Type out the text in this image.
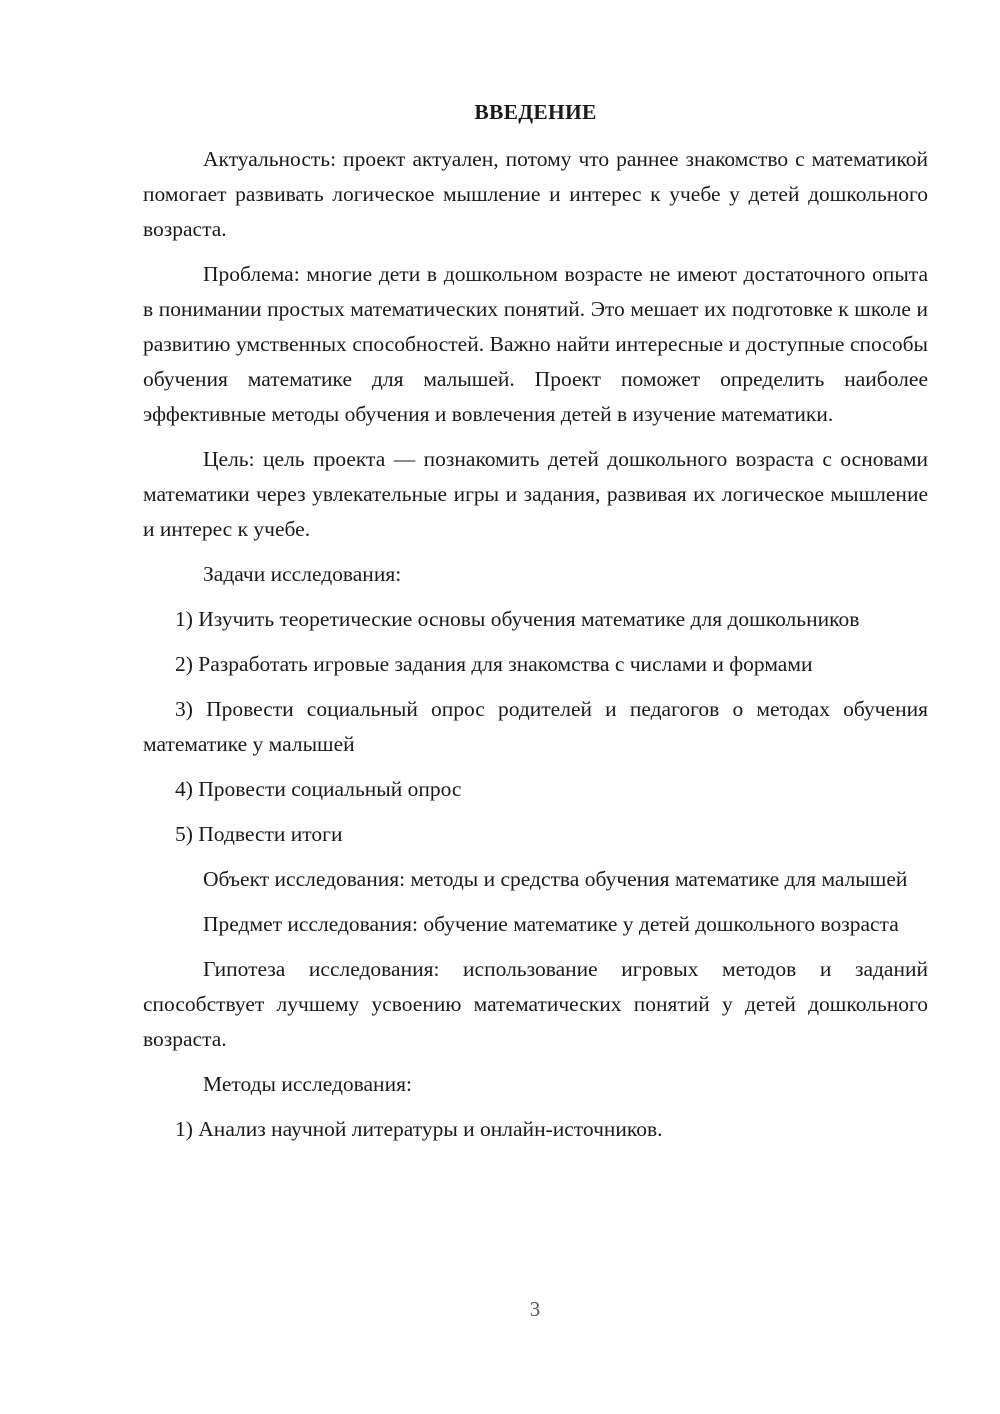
ВВЕДЕНИЕ

Актуальность: проект актуален, потому что раннее знакомство с математикой помогает развивать логическое мышление и интерес к учебе у детей дошкольного возраста.

Проблема: многие дети в дошкольном возрасте не имеют достаточного опыта в понимании простых математических понятий. Это мешает их подготовке к школе и развитию умственных способностей. Важно найти интересные и доступные способы обучения математике для малышей. Проект поможет определить наиболее эффективные методы обучения и вовлечения детей в изучение математики.

Цель: цель проекта — познакомить детей дошкольного возраста с основами математики через увлекательные игры и задания, развивая их логическое мышление и интерес к учебе.

Задачи исследования:

1) Изучить теоретические основы обучения математике для дошкольников

2) Разработать игровые задания для знакомства с числами и формами

3) Провести социальный опрос родителей и педагогов о методах обучения математике у малышей

4) Провести социальный опрос

5) Подвести итоги

Объект исследования: методы и средства обучения математике для малышей

Предмет исследования: обучение математике у детей дошкольного возраста

Гипотеза исследования: использование игровых методов и заданий способствует лучшему усвоению математических понятий у детей дошкольного возраста.

Методы исследования:

1) Анализ научной литературы и онлайн-источников.

3
